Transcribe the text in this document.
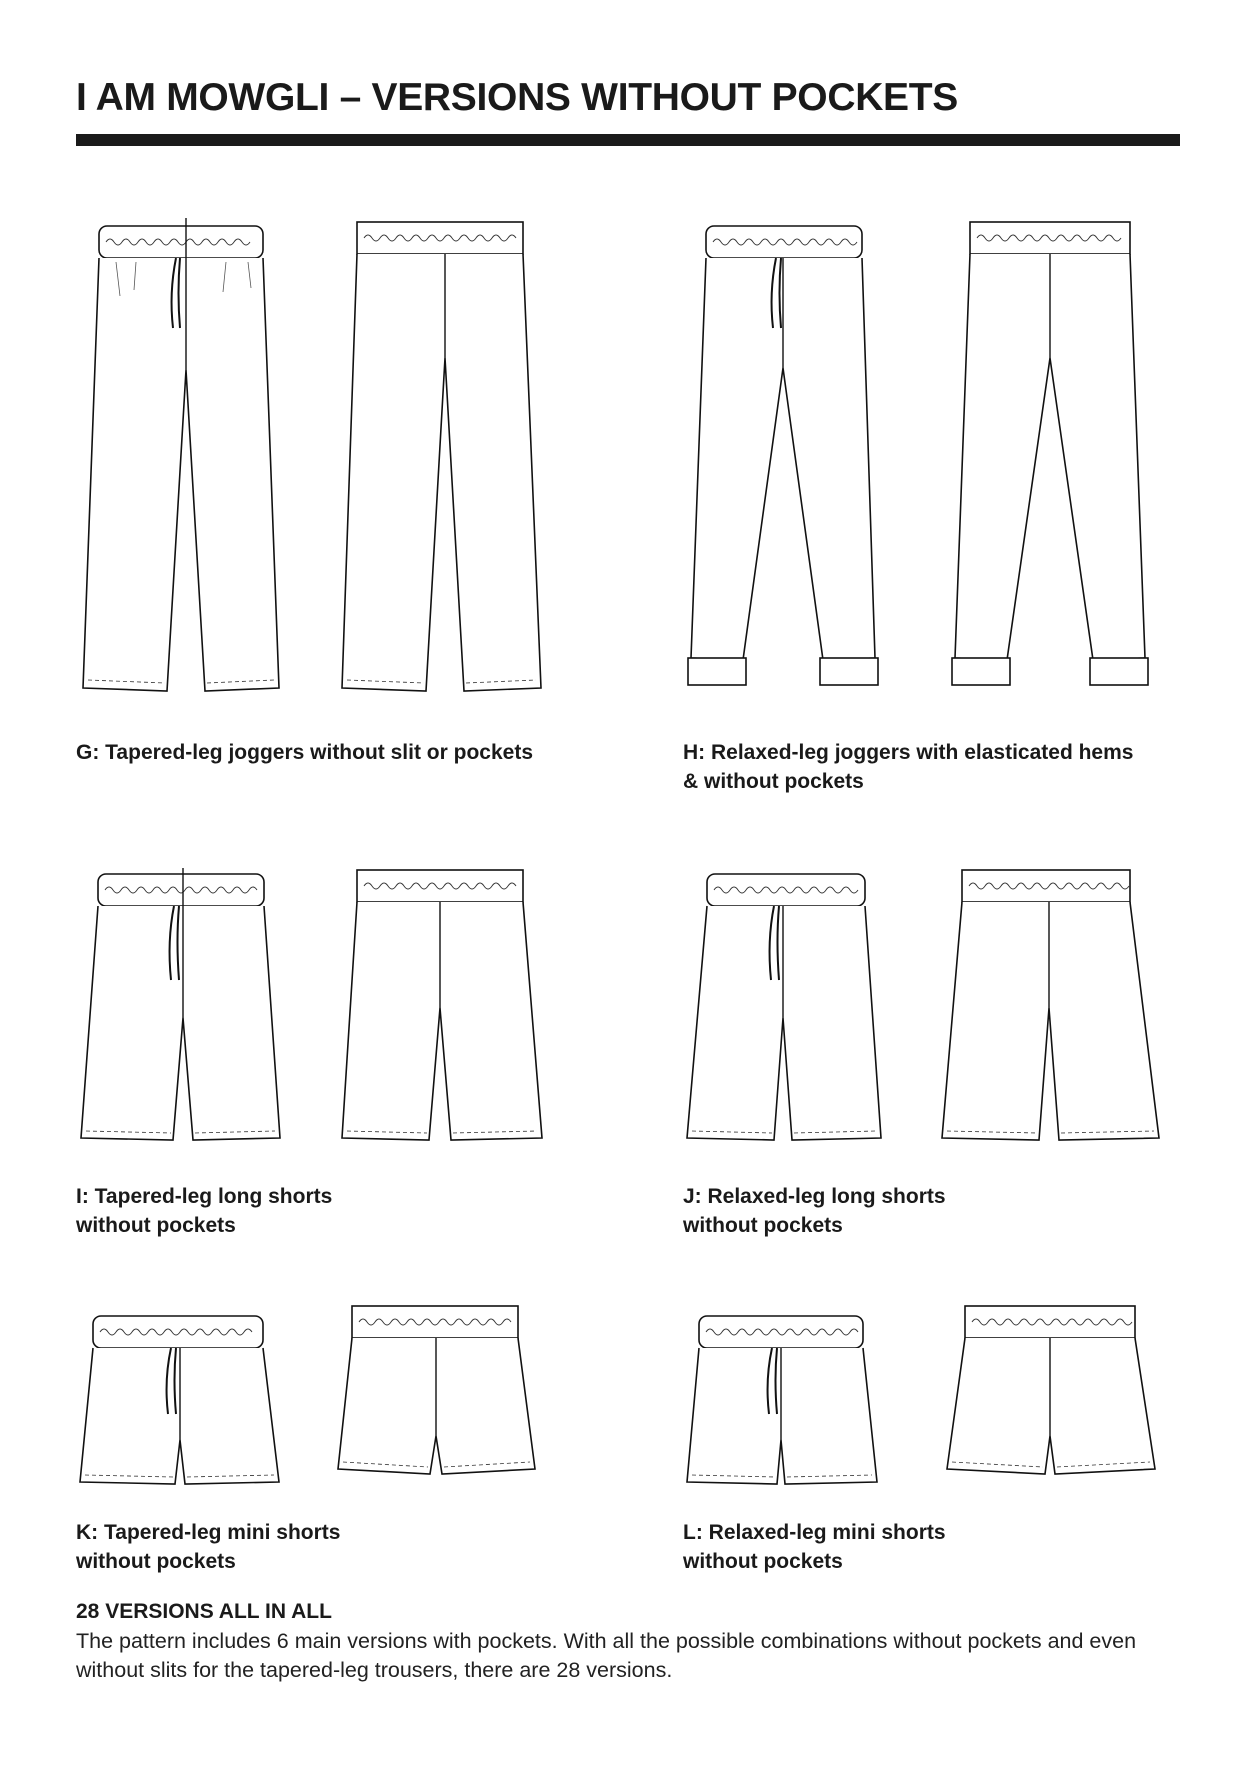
I AM MOWGLI – VERSIONS WITHOUT POCKETS
G: Tapered-leg joggers without slit or pockets	H: Relaxed-leg joggers with elasticated hems & without pockets
I: Tapered-leg long shorts
without pockets
J: Relaxed-leg long shorts
without pockets
K: Tapered-leg mini shorts
without pockets
L: Relaxed-leg mini shorts
without pockets
28 VERSIONS ALL IN ALL

The pattern includes 6 main versions with pockets. With all the possible combinations without pockets and even without slits for the tapered-leg trousers, there are 28 versions.
